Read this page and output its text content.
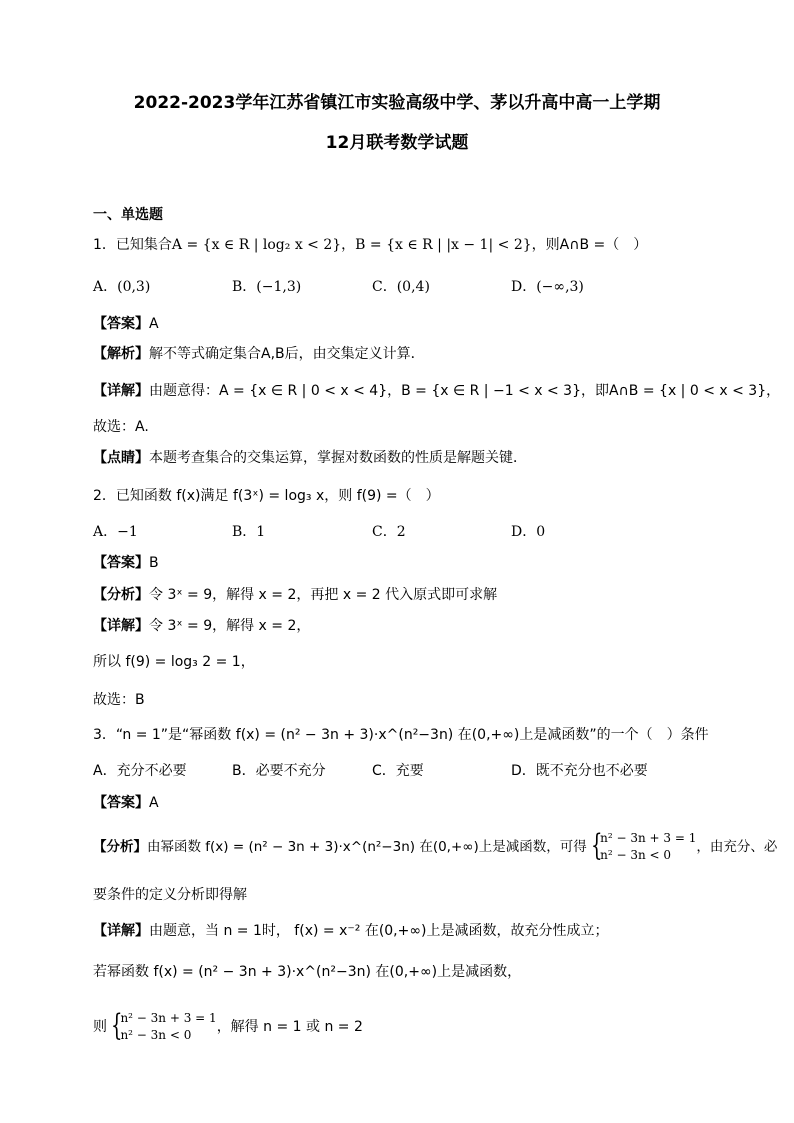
2022-2023学年江苏省镇江市实验高级中学、茅以升高中高一上学期
12月联考数学试题
一、单选题
1．已知集合A = {x ∈ R | log₂ x < 2}，B = {x ∈ R | |x − 1| < 2}，则A∩B =（　）
A．(0,3)	B．(−1,3)	C．(0,4)	D．(−∞,3)
【答案】A
【解析】解不等式确定集合A,B后，由交集定义计算．
【详解】由题意得：A = {x ∈ R | 0 < x < 4}，B = {x ∈ R | −1 < x < 3}，即A∩B = {x | 0 < x < 3}，
故选：A.
【点睛】本题考查集合的交集运算，掌握对数函数的性质是解题关键．
2．已知函数 f(x)满足 f(3ˣ) = log₃ x，则 f(9) =（　）
A．−1	B．1	C．2	D．0
【答案】B
【分析】令 3ˣ = 9，解得 x = 2，再把 x = 2 代入原式即可求解
【详解】令 3ˣ = 9，解得 x = 2，
所以 f(9) = log₃ 2 = 1，
故选：B
3．“n = 1”是“幂函数 f(x) = (n² − 3n + 3)·x^(n²−3n) 在(0,+∞)上是减函数”的一个（　）条件
A．充分不必要	B．必要不充分	C．充要	D．既不充分也不必要
【答案】A
【分析】由幂函数 f(x) = (n² − 3n + 3)·x^(n²−3n) 在(0,+∞)上是减函数，可得 {
n² − 3n + 3 = 1
n² − 3n < 0	，由充分、必
要条件的定义分析即得解
【详解】由题意，当 n = 1时， f(x) = x⁻² 在(0,+∞)上是减函数，故充分性成立；
若幂函数 f(x) = (n² − 3n + 3)·x^(n²−3n) 在(0,+∞)上是减函数，
则 {
n² − 3n + 3 = 1
n² − 3n < 0	，解得 n = 1 或 n = 2
